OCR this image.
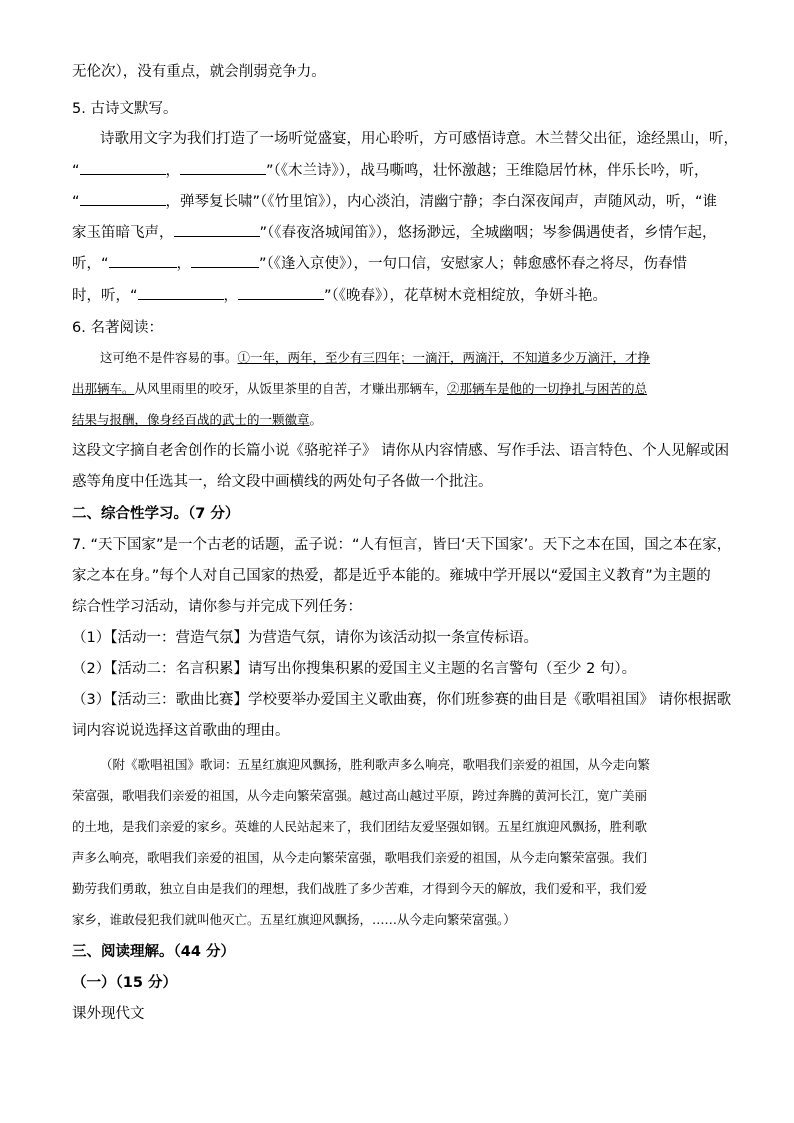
无伦次），没有重点，就会削弱竞争力。
5. 古诗文默写。
诗歌用文字为我们打造了一场听觉盛宴，用心聆听，方可感悟诗意。木兰替父出征，途经黑山，听，
“	，	”（《木兰诗》），战马嘶鸣，壮怀激越；王维隐居竹林，伴乐长吟，听，
“	，弹琴复长啸”（《竹里馆》），内心淡泊，清幽宁静；李白深夜闻声，声随风动，听，“谁
家玉笛暗飞声，	”（《春夜洛城闻笛》），悠扬渺远，全城幽咽；岑参偶遇使者，乡情乍起，
听，“	，	”（《逢入京使》），一句口信，安慰家人；韩愈感怀春之将尽，伤春惜
时，听，“	，	”（《晚春》），花草树木竞相绽放，争妍斗艳。
6. 名著阅读：
这可绝不是件容易的事。①一年，两年，至少有三四年；一滴汗，两滴汗，不知道多少万滴汗，才挣
出那辆车。从风里雨里的咬牙，从饭里茶里的自苦，才赚出那辆车，②那辆车是他的一切挣扎与困苦的总
结果与报酬，像身经百战的武士的一颗徽章。
这段文字摘自老舍创作的长篇小说《骆驼祥子》 请你从内容情感、写作手法、语言特色、个人见解或困
惑等角度中任选其一，给文段中画横线的两处句子各做一个批注。
二、综合性学习。（7 分）
7. “天下国家”是一个古老的话题，孟子说：“人有恒言，皆曰‘天下国家’。天下之本在国，国之本在家，
家之本在身。”每个人对自己国家的热爱，都是近乎本能的。雍城中学开展以“爱国主义教育”为主题的
综合性学习活动，请你参与并完成下列任务：
（1）【活动一：营造气氛】为营造气氛，请你为该活动拟一条宣传标语。
（2）【活动二：名言积累】请写出你搜集积累的爱国主义主题的名言警句（至少 2 句）。
（3）【活动三：歌曲比赛】学校要举办爱国主义歌曲赛，你们班参赛的曲目是《歌唱祖国》 请你根据歌
词内容说说选择这首歌曲的理由。
（附《歌唱祖国》歌词：五星红旗迎风飘扬，胜利歌声多么响亮，歌唱我们亲爱的祖国，从今走向繁
荣富强，歌唱我们亲爱的祖国，从今走向繁荣富强。越过高山越过平原，跨过奔腾的黄河长江，宽广美丽
的土地，是我们亲爱的家乡。英雄的人民站起来了，我们团结友爱坚强如钢。五星红旗迎风飘扬，胜利歌
声多么响亮，歌唱我们亲爱的祖国，从今走向繁荣富强，歌唱我们亲爱的祖国，从今走向繁荣富强。我们
勤劳我们勇敢，独立自由是我们的理想，我们战胜了多少苦难，才得到今天的解放，我们爱和平，我们爱
家乡，谁敢侵犯我们就叫他灭亡。五星红旗迎风飘扬，……从今走向繁荣富强。）
三、阅读理解。（44 分）
（一）（15 分）
课外现代文
